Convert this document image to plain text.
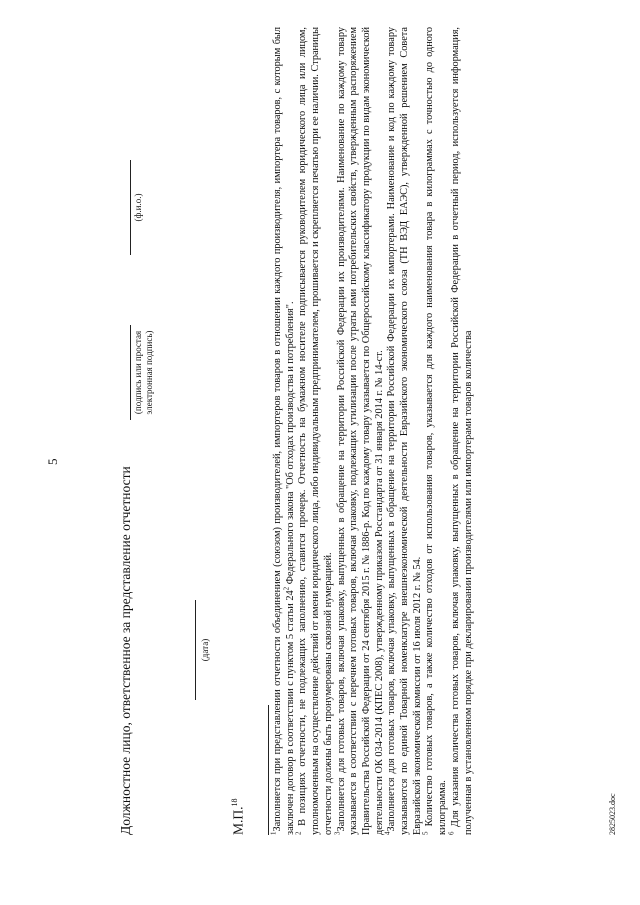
5
Должностное лицо, ответственное за представление отчетности	(дата)
(подпись или простая электронная подпись)
(ф.и.о.)
М.П.$^{18}$

$^1$Заполняется при представлении отчетности объединением (союзом) производителей, импортеров товаров в отношении каждого производителя, импортера товаров, с которым был заключен договор в соответствии с пунктом 5 статьи $24^2$ Федерального закона "Об отходах производства и потребления".

$^2$ В позициях отчетности, не подлежащих заполнению, ставится прочерк. Отчетность на бумажном носителе подписывается руководителем юридического лица или лицом, уполномоченным на осуществление действий от имени юридического лица, либо индивидуальным предпринимателем, прошивается и скрепляется печатью при ее наличии. Страницы отчетности должны быть пронумерованы сквозной нумерацией. $^3$Заполняется для готовых товаров, включая упаковку, выпущенных в обращение на территории Российской Федерации их производителями. Наименование по каждому товару указывается в соответствии с перечнем готовых товаров, включая упаковку, подлежащих утилизации после утраты ими потребительских свойств, утвержденным распоряжением Правительства Российской Федерации от 24 сентября 2015 г. № 1886-р. Код по каждому товару указывается по Общероссийскому классификатору продукции по видам экономической деятельности ОК 034-2014 (КПЕС 2008), утвержденному приказом Росстандарта от 31 января 2014 г. № 14-ст. $^4$Заполняется для готовых товаров, включая упаковку, выпущенных в обращение на территории Российской Федерации их импортерами. Наименование и код по каждому товару указываются по единой Товарной номенклатуре внешнеэкономической деятельности Евразийского экономического союза (ТН ВЭД ЕАЭС), утвержденной решением Совета Евразийской экономической комиссии от 16 июля 2012 г. № 54. $^5$ Количество готовых товаров, а также количество отходов от использования товаров, указывается для каждого наименования товара в килограммах с точностью до одного килограмма. $^6$ Для указания количества готовых товаров, включая упаковку, выпущенных в обращение на территории Российской Федерации в отчетный период, используется информация, полученная в установленном порядке при декларировании производителями или импортерами товаров количества	2825023.doc
